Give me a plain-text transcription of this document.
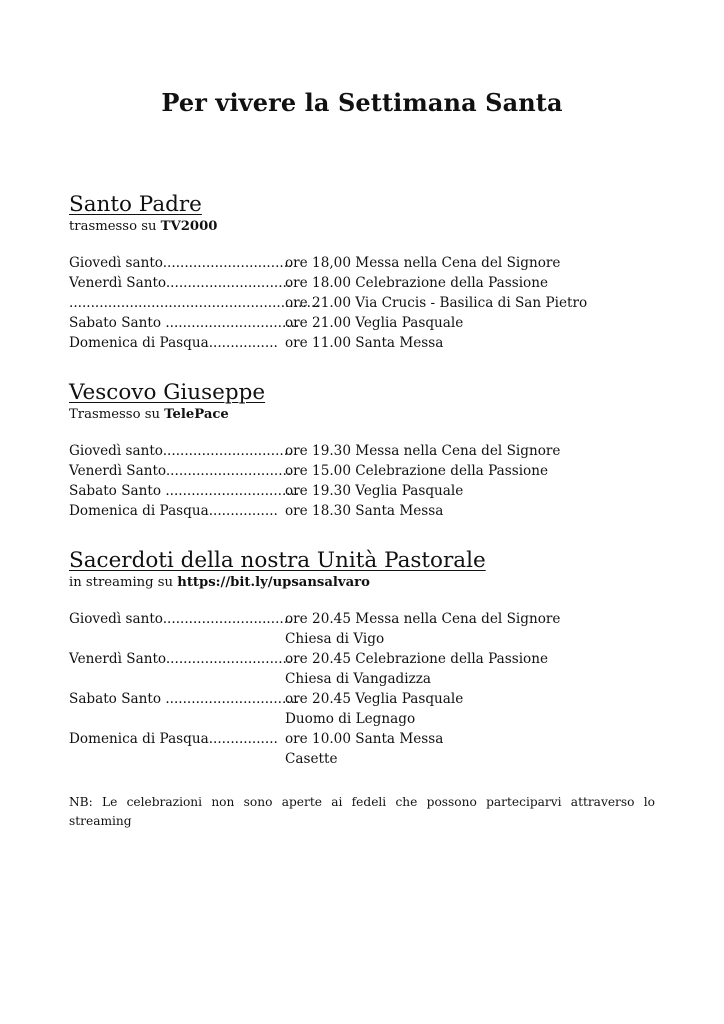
Per vivere la Settimana Santa
Santo Padre
trasmesso su TV2000
Giovedì santo..............................
ore 18,00 Messa nella Cena del Signore
Venerdì Santo.............................
ore 18.00 Celebrazione della Passione
..........................................................
ore 21.00 Via Crucis - Basilica di San Pietro
Sabato Santo ...............................
ore 21.00 Veglia Pasquale
Domenica di Pasqua................ ore 11.00 Santa Messa
Vescovo Giuseppe
Trasmesso su TelePace
Giovedì santo..............................
ore 19.30 Messa nella Cena del Signore
Venerdì Santo.............................
ore 15.00 Celebrazione della Passione
Sabato Santo ...............................
ore 19.30 Veglia Pasquale
Domenica di Pasqua................ ore 18.30 Santa Messa
Sacerdoti della nostra Unità Pastorale
in streaming su https://bit.ly/upsansalvaro
Giovedì santo..............................
ore 20.45 Messa nella Cena del Signore
Chiesa di Vigo
Venerdì Santo.............................
ore 20.45 Celebrazione della Passione
Chiesa di Vangadizza
Sabato Santo ...............................
ore 20.45 Veglia Pasquale
Duomo di Legnago
Domenica di Pasqua................ ore 10.00 Santa Messa
Casette
NB: Le celebrazioni non sono aperte ai fedeli che possono parteciparvi attraverso lo streaming
